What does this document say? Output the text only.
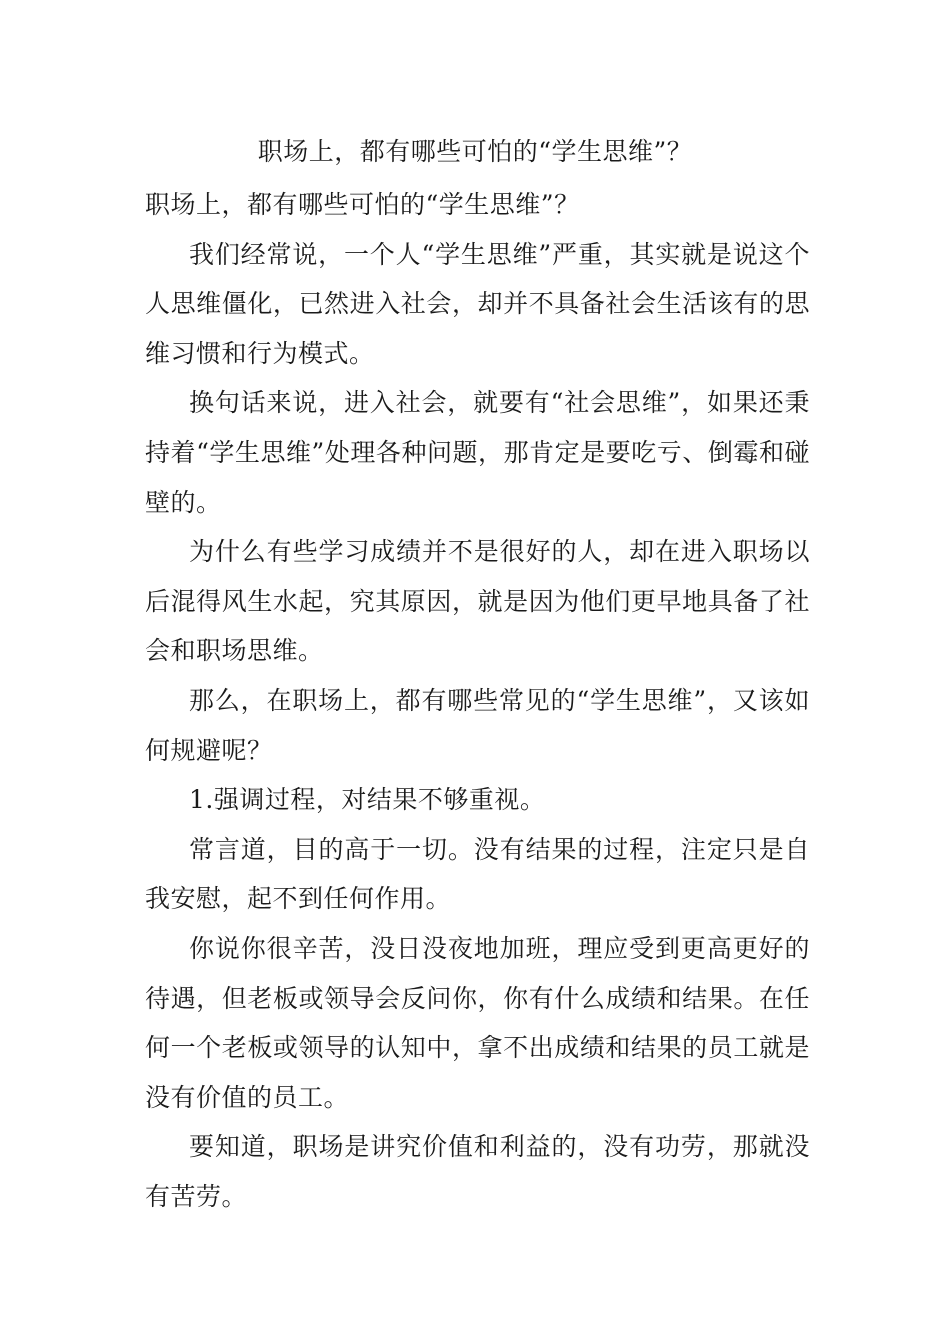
职场上，都有哪些可怕的“学生思维”？

职场上，都有哪些可怕的“学生思维”？

我们经常说，一个人“学生思维”严重，其实就是说这个人思维僵化，已然进入社会，却并不具备社会生活该有的思维习惯和行为模式。

换句话来说，进入社会，就要有“社会思维”，如果还秉持着“学生思维”处理各种问题，那肯定是要吃亏、倒霉和碰壁的。

为什么有些学习成绩并不是很好的人，却在进入职场以后混得风生水起，究其原因，就是因为他们更早地具备了社会和职场思维。

那么，在职场上，都有哪些常见的“学生思维”，又该如何规避呢？

1.强调过程，对结果不够重视。

常言道，目的高于一切。没有结果的过程，注定只是自我安慰，起不到任何作用。

你说你很辛苦，没日没夜地加班，理应受到更高更好的待遇，但老板或领导会反问你，你有什么成绩和结果。在任何一个老板或领导的认知中，拿不出成绩和结果的员工就是没有价值的员工。

要知道，职场是讲究价值和利益的，没有功劳，那就没有苦劳。
